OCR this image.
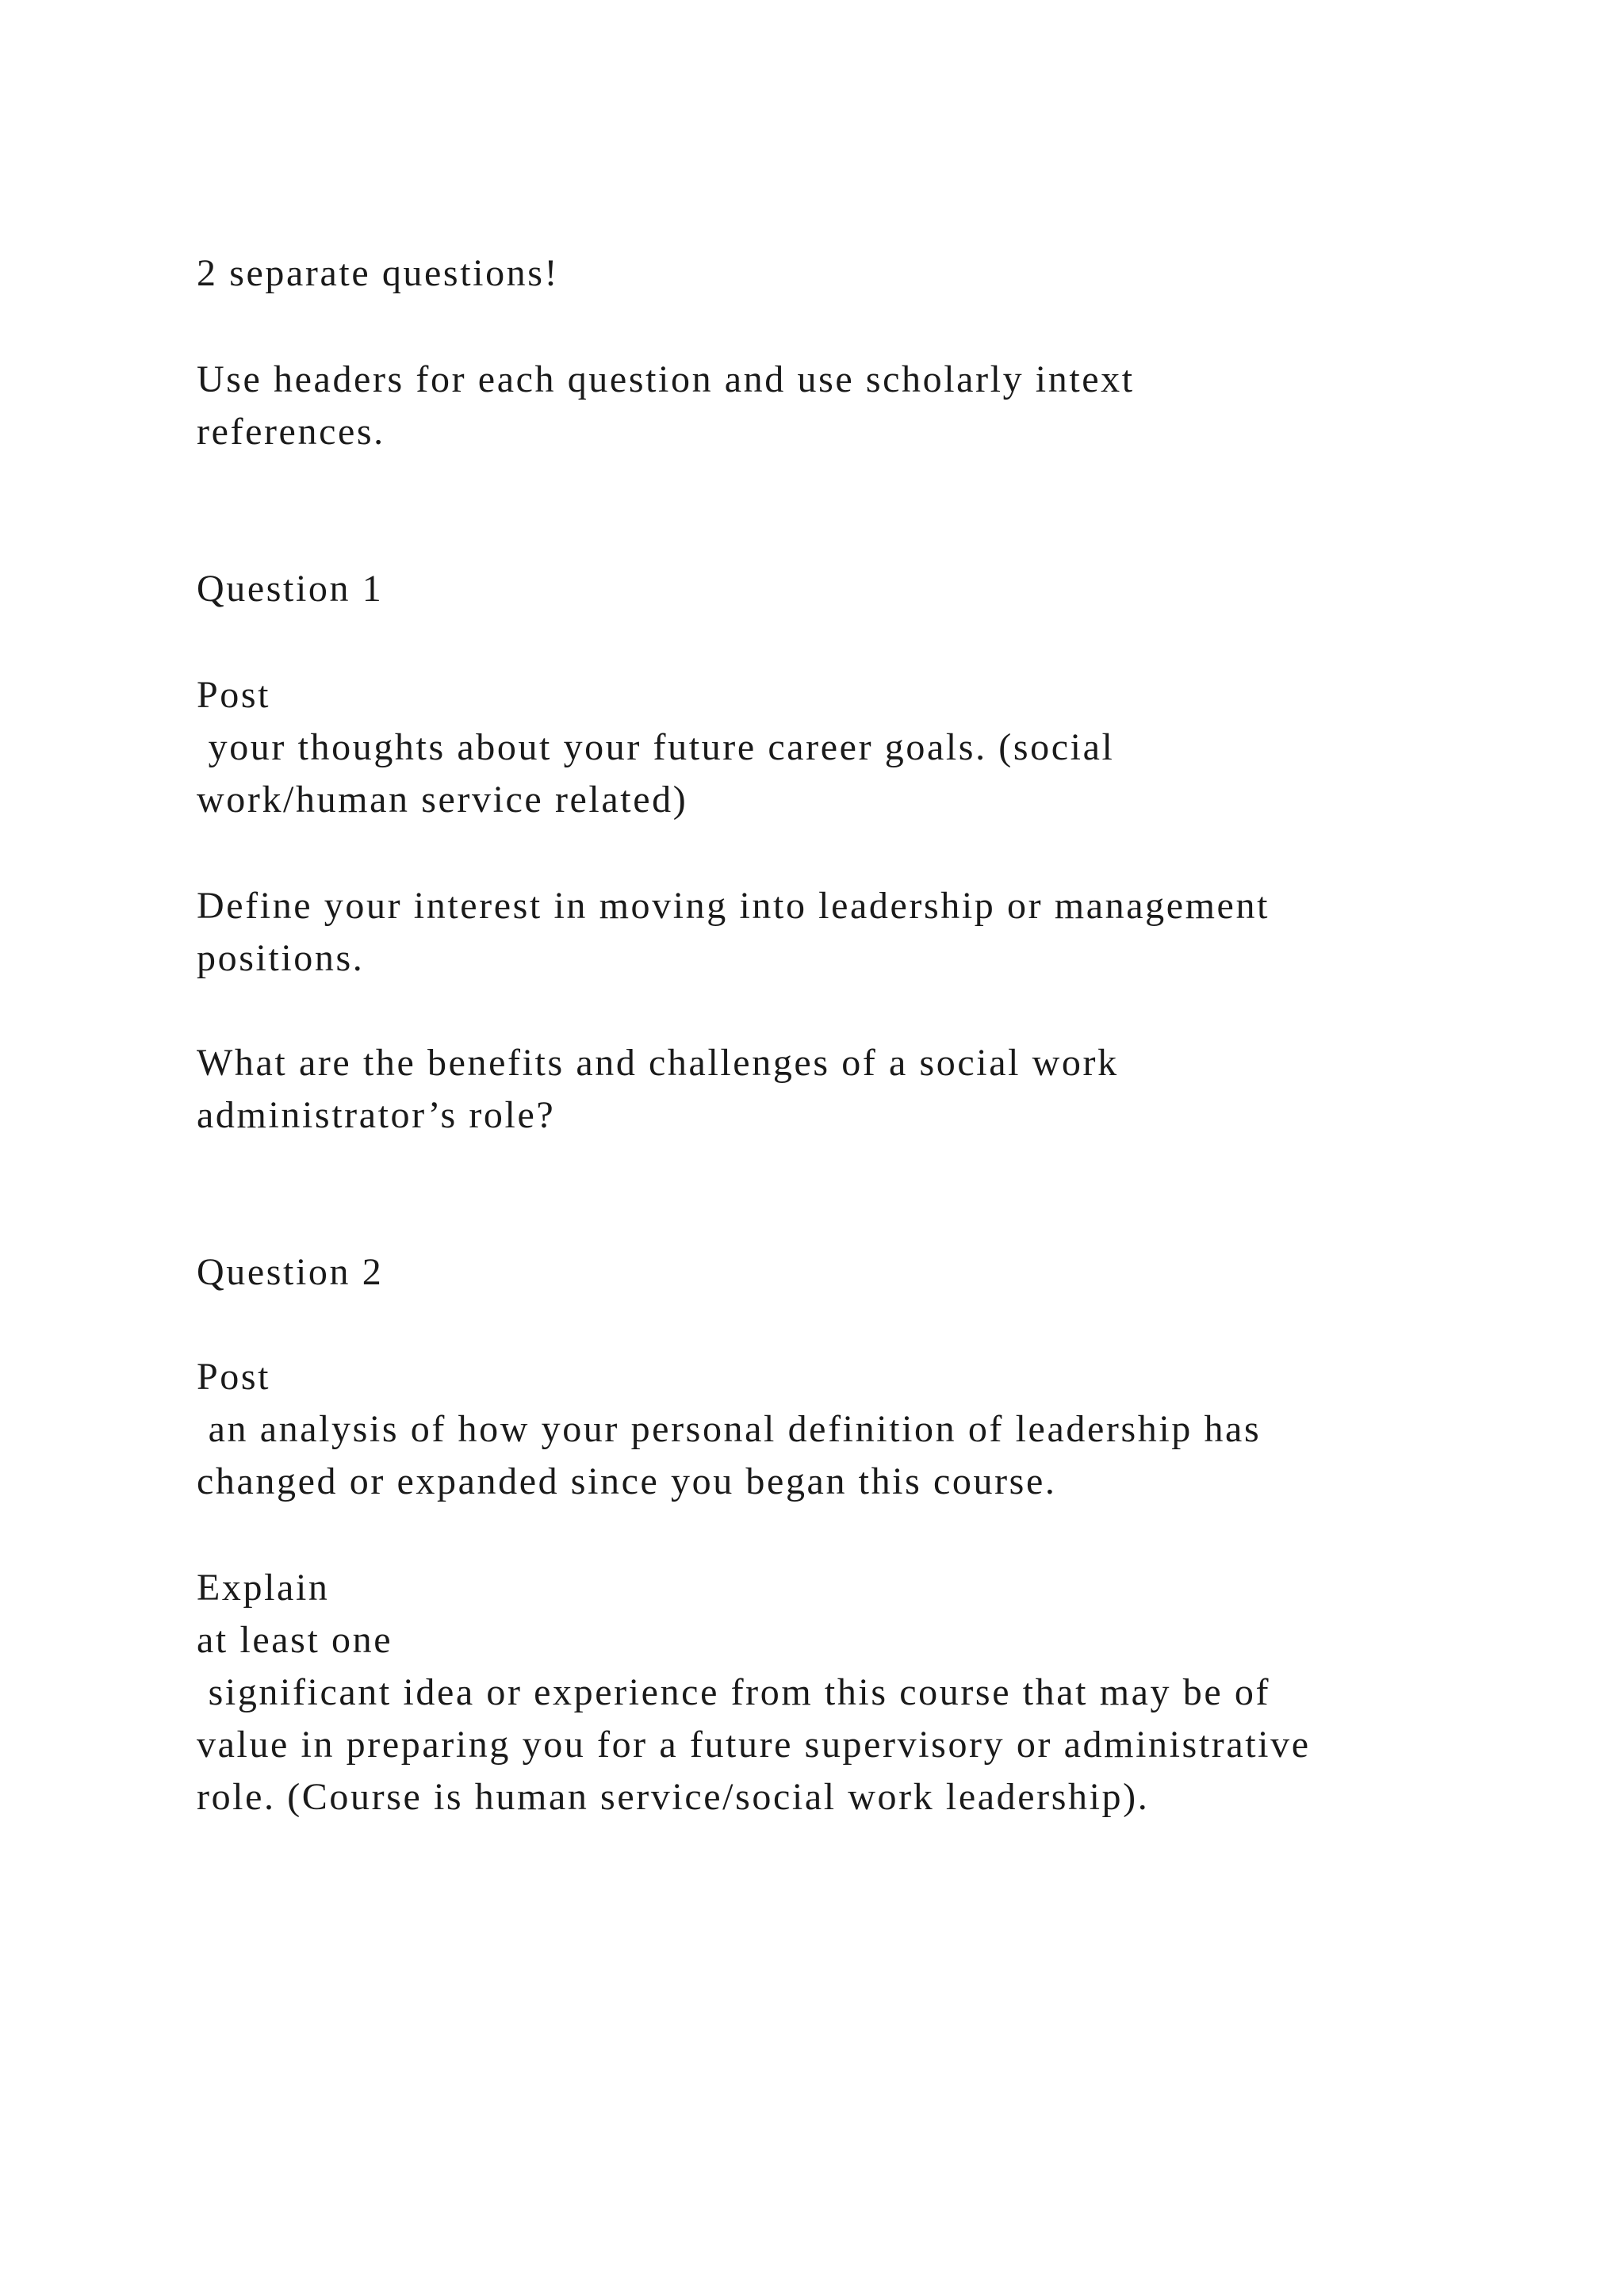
2 separate questions!

Use headers for each question and use scholarly intext

references.

Question 1

Post

your thoughts about your future career goals. (social

work/human service related)

Define your interest in moving into leadership or management

positions.

What are the benefits and challenges of a social work

administrator’s role?

Question 2

Post

an analysis of how your personal definition of leadership has

changed or expanded since you began this course.

Explain

at least one

significant idea or experience from this course that may be of

value in preparing you for a future supervisory or administrative

role. (Course is human service/social work leadership).
